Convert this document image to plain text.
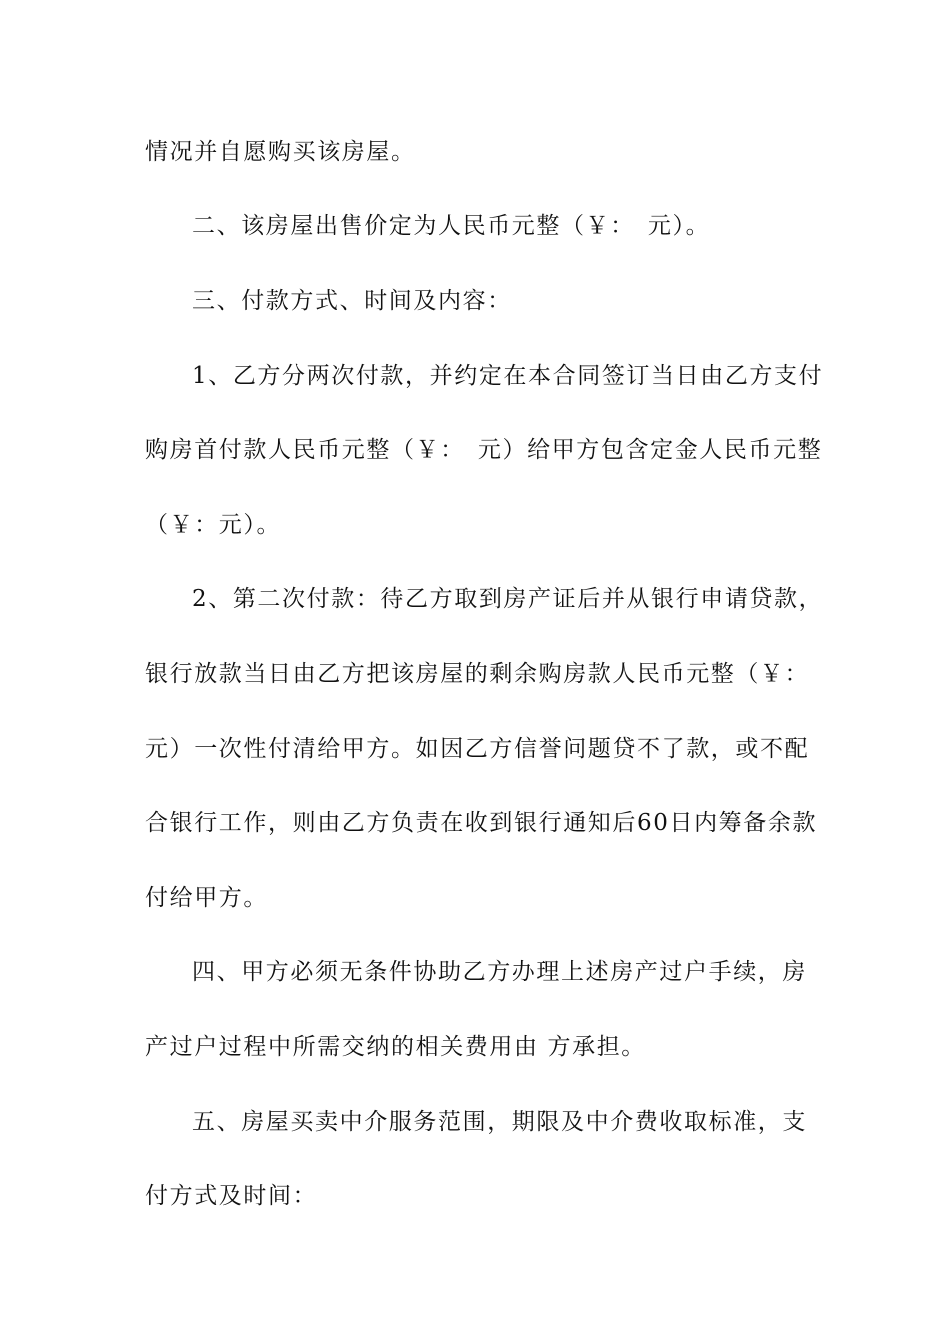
情况并自愿购买该房屋。
二、该房屋出售价定为人民币元整（￥：　元）。
三、付款方式、时间及内容：
1、乙方分两次付款，并约定在本合同签订当日由乙方支付
购房首付款人民币元整（￥：　元）给甲方包含定金人民币元整
（￥：元）。
2、第二次付款：待乙方取到房产证后并从银行申请贷款，
银行放款当日由乙方把该房屋的剩余购房款人民币元整（￥：
元）一次性付清给甲方。如因乙方信誉问题贷不了款，或不配
合银行工作，则由乙方负责在收到银行通知后60日内筹备余款
付给甲方。
四、甲方必须无条件协助乙方办理上述房产过户手续，房
产过户过程中所需交纳的相关费用由 方承担。
五、房屋买卖中介服务范围，期限及中介费收取标准，支
付方式及时间：
